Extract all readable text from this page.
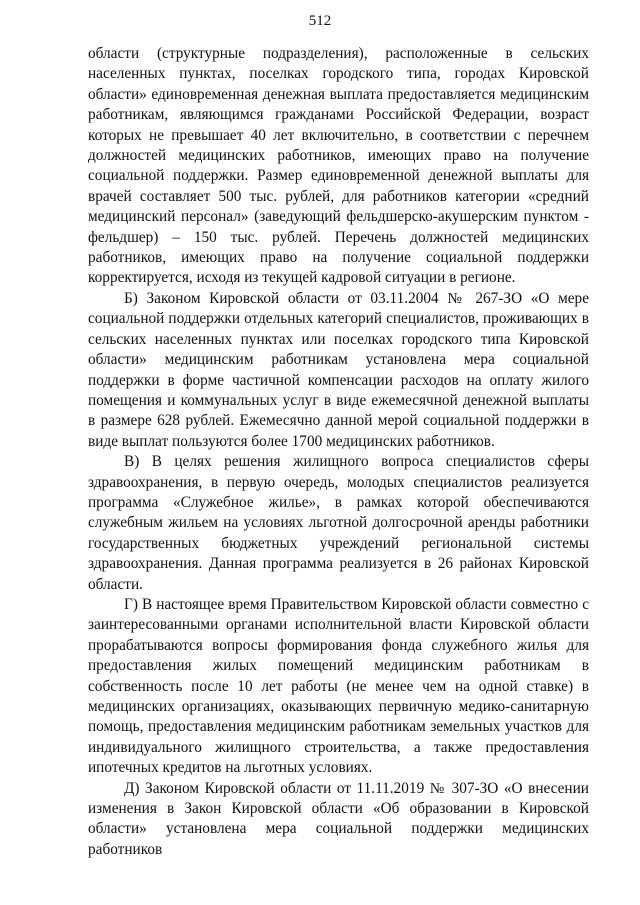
512

области (структурные подразделения), расположенные в сельских населенных пунктах, поселках городского типа, городах Кировской области» единовременная денежная выплата предоставляется медицинским работникам, являющимся гражданами Российской Федерации, возраст которых не превышает 40 лет включительно, в соответствии с перечнем должностей медицинских работников, имеющих право на получение социальной поддержки. Размер единовременной денежной выплаты для врачей составляет 500 тыс. рублей, для работников категории «средний медицинский персонал» (заведующий фельдшерско-акушерским пунктом - фельдшер) – 150 тыс. рублей. Перечень должностей медицинских работников, имеющих право на получение социальной поддержки корректируется, исходя из текущей кадровой ситуации в регионе.

Б) Законом Кировской области от 03.11.2004 № 267-ЗО «О мере социальной поддержки отдельных категорий специалистов, проживающих в сельских населенных пунктах или поселках городского типа Кировской области» медицинским работникам установлена мера социальной поддержки в форме частичной компенсации расходов на оплату жилого помещения и коммунальных услуг в виде ежемесячной денежной выплаты в размере 628 рублей. Ежемесячно данной мерой социальной поддержки в виде выплат пользуются более 1700 медицинских работников.

В) В целях решения жилищного вопроса специалистов сферы здравоохранения, в первую очередь, молодых специалистов реализуется программа «Служебное жилье», в рамках которой обеспечиваются служебным жильем на условиях льготной долгосрочной аренды работники государственных бюджетных учреждений региональной системы здравоохранения. Данная программа реализуется в 26 районах Кировской области.

Г) В настоящее время Правительством Кировской области совместно с заинтересованными органами исполнительной власти Кировской области прорабатываются вопросы формирования фонда служебного жилья для предоставления жилых помещений медицинским работникам в собственность после 10 лет работы (не менее чем на одной ставке) в медицинских организациях, оказывающих первичную медико-санитарную помощь, предоставления медицинским работникам земельных участков для индивидуального жилищного строительства, а также предоставления ипотечных кредитов на льготных условиях.

Д) Законом Кировской области от 11.11.2019 № 307-ЗО «О внесении изменения в Закон Кировской области «Об образовании в Кировской области» установлена мера социальной поддержки медицинских работников
